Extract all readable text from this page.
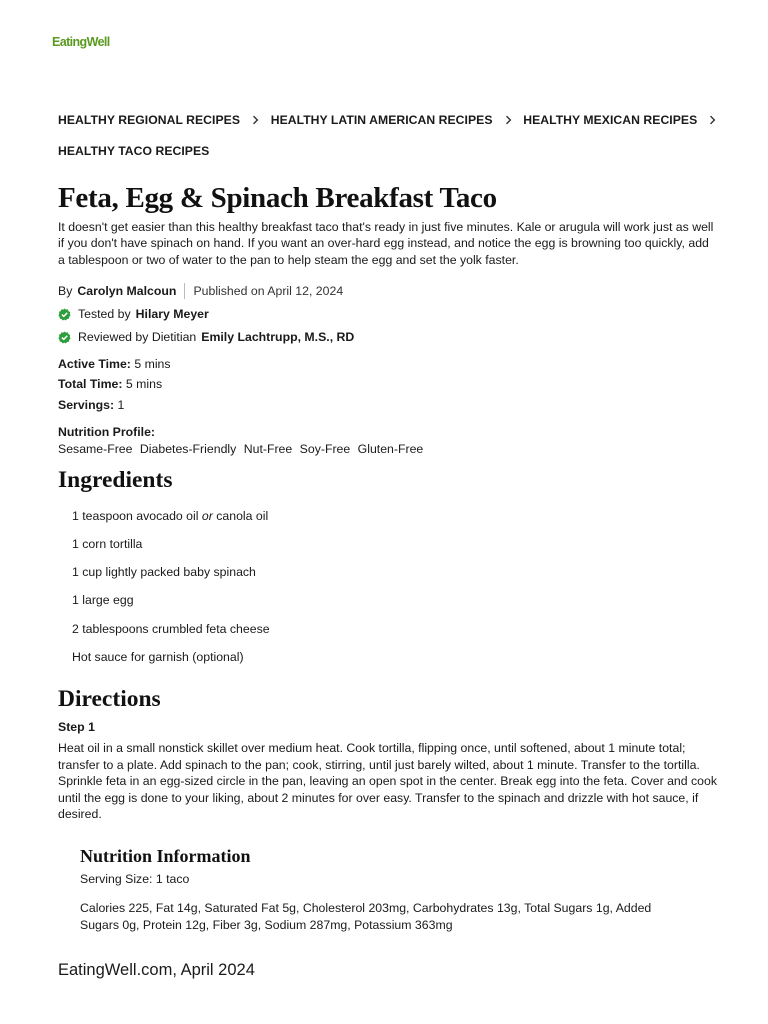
EatingWell
HEALTHY REGIONAL RECIPES	HEALTHY LATIN AMERICAN RECIPES	HEALTHY MEXICAN RECIPES
HEALTHY TACO RECIPES
Feta, Egg & Spinach Breakfast Taco

It doesn't get easier than this healthy breakfast taco that's ready in just five minutes. Kale or arugula will work just as well if you don't have spinach on hand. If you want an over-hard egg instead, and notice the egg is browning too quickly, add a tablespoon or two of water to the pan to help steam the egg and set the yolk faster.

By Carolyn Malcoun Published on April 12, 2024
Tested by Hilary Meyer
Reviewed by Dietitian Emily Lachtrupp, M.S., RD
Active Time: 5 mins
Total Time: 5 mins
Servings: 1
Nutrition Profile:
Sesame-Free Diabetes-Friendly Nut-Free Soy-Free Gluten-Free
Ingredients
1 teaspoon avocado oil or canola oil
1 corn tortilla
1 cup lightly packed baby spinach
1 large egg
2 tablespoons crumbled feta cheese
Hot sauce for garnish (optional)
Directions
Step 1

Heat oil in a small nonstick skillet over medium heat. Cook tortilla, flipping once, until softened, about 1 minute total; transfer to a plate. Add spinach to the pan; cook, stirring, until just barely wilted, about 1 minute. Transfer to the tortilla. Sprinkle feta in an egg-sized circle in the pan, leaving an open spot in the center. Break egg into the feta. Cover and cook until the egg is done to your liking, about 2 minutes for over easy. Transfer to the spinach and drizzle with hot sauce, if desired.

Nutrition Information
Serving Size: 1 taco

Calories 225, Fat 14g, Saturated Fat 5g, Cholesterol 203mg, Carbohydrates 13g, Total Sugars 1g, Added Sugars 0g, Protein 12g, Fiber 3g, Sodium 287mg, Potassium 363mg

EatingWell.com, April 2024
